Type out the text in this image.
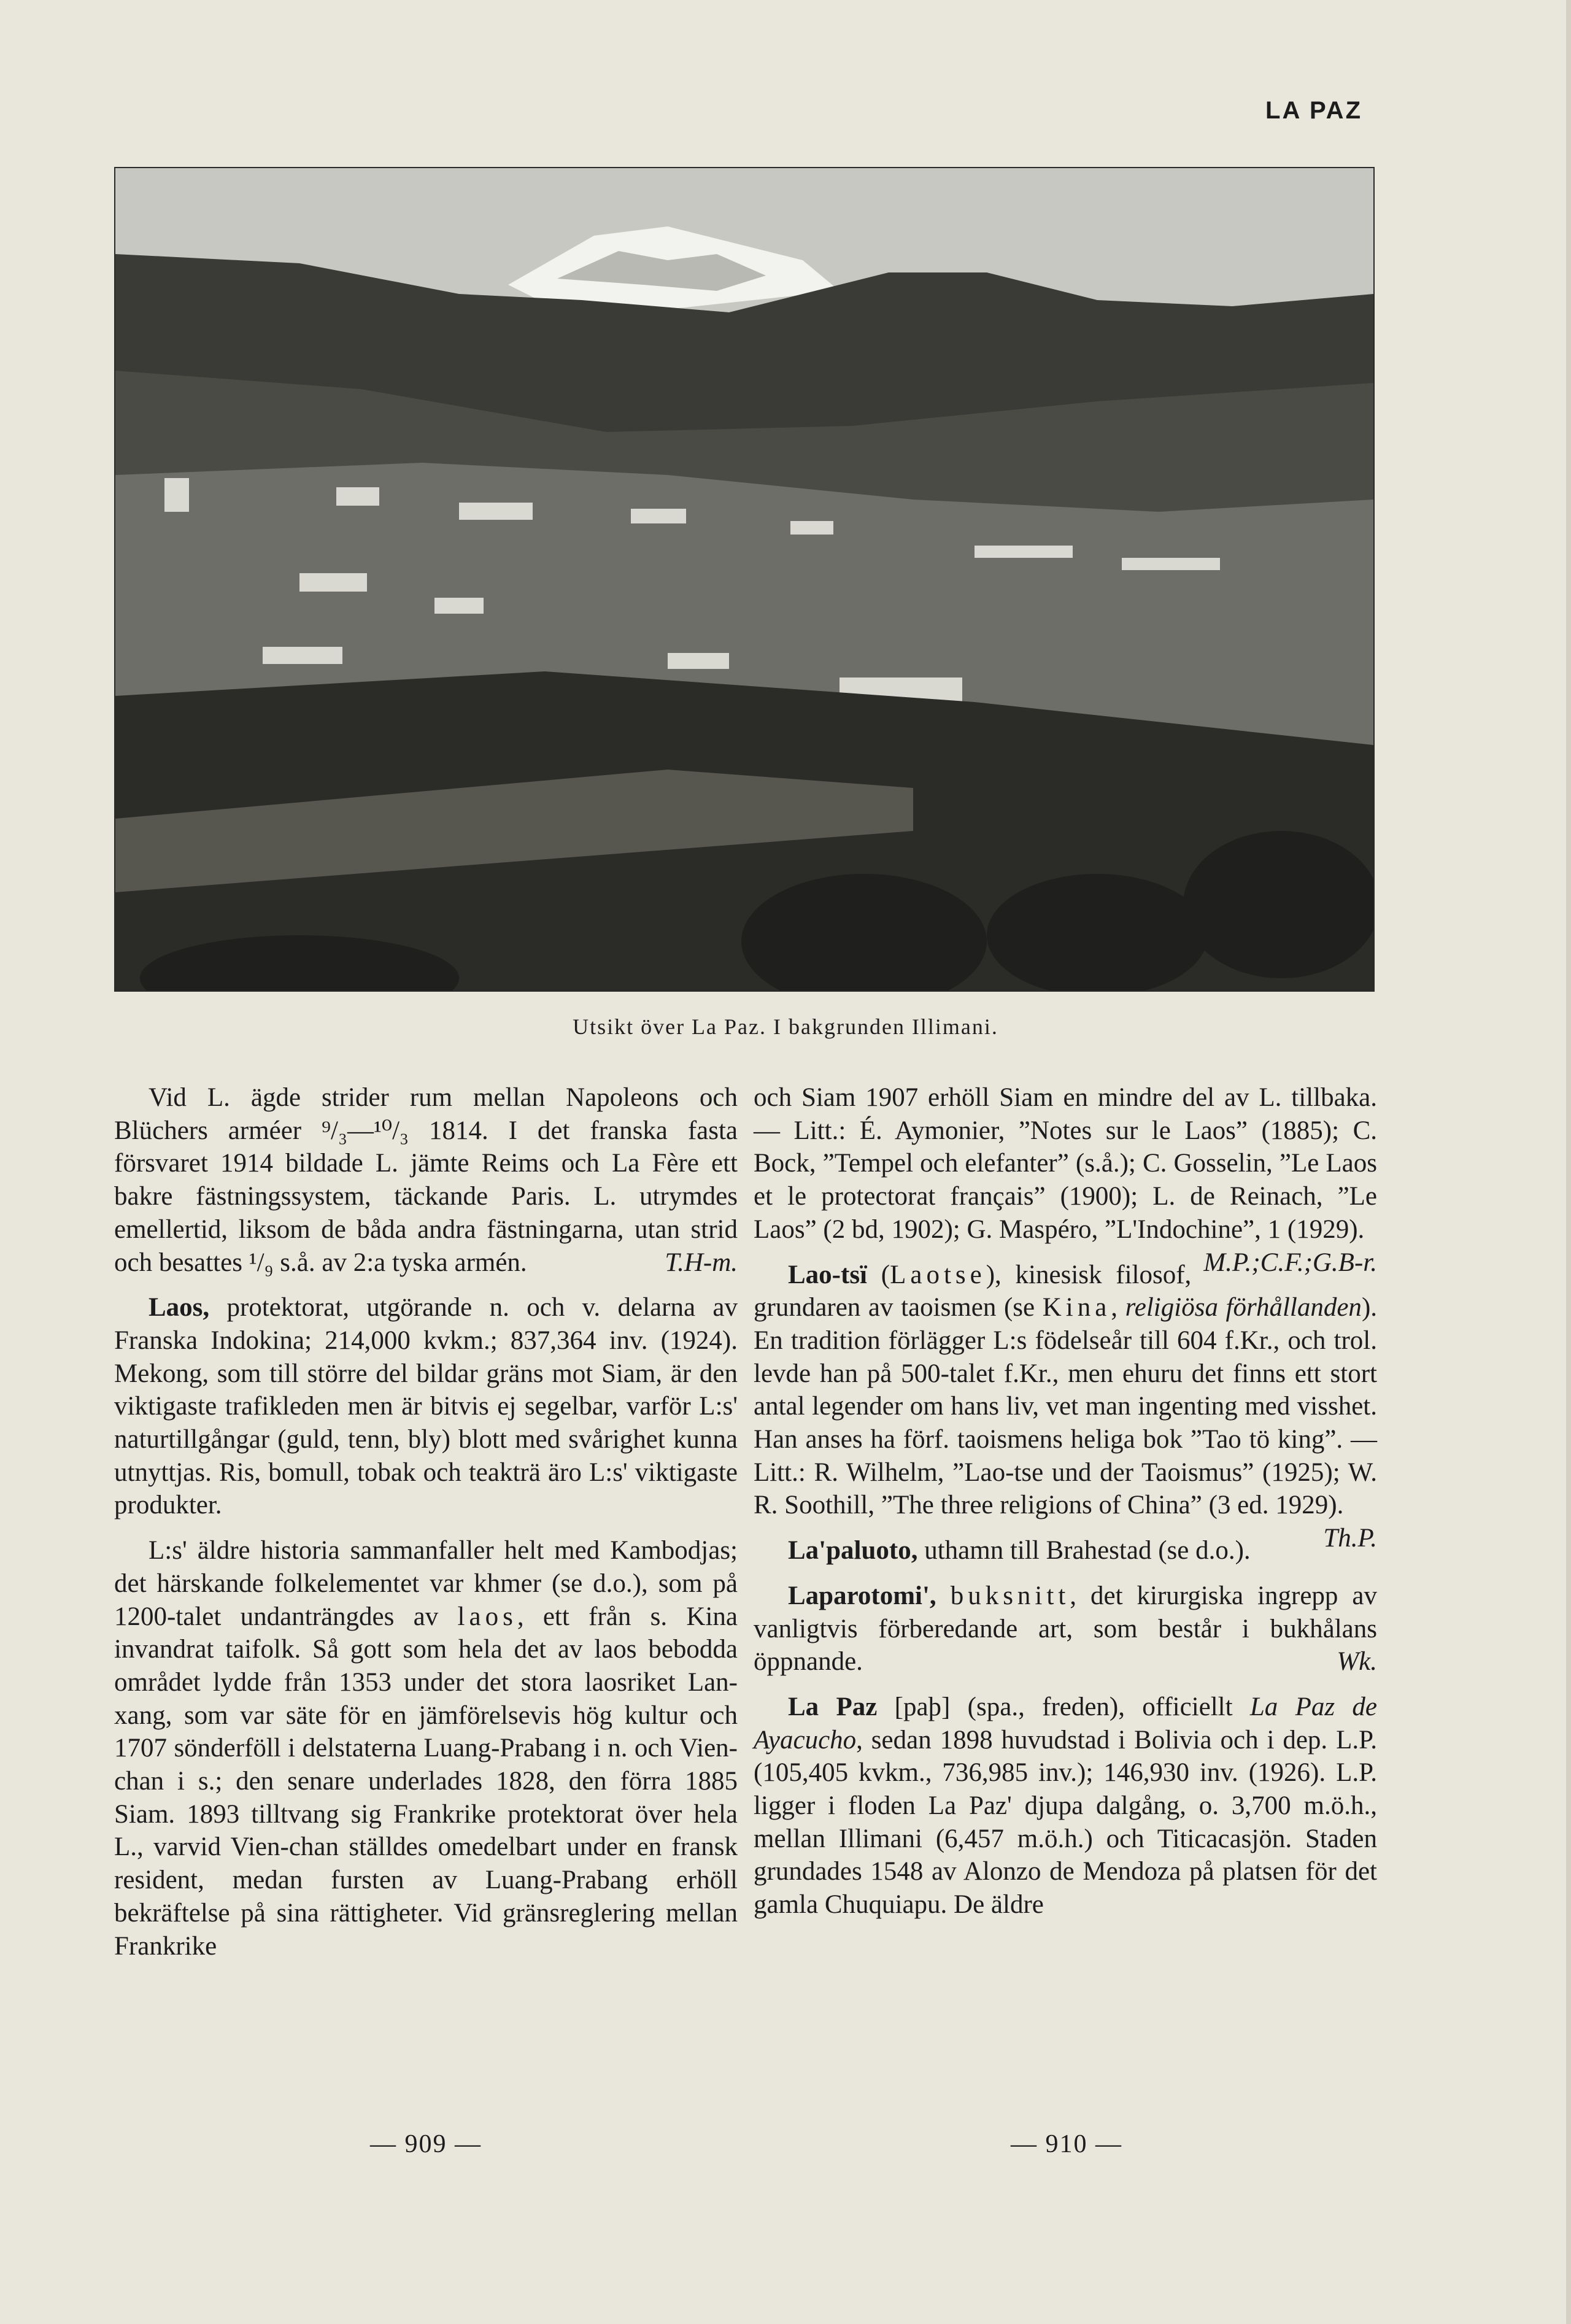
LA PAZ
Utsikt över La Paz. I bakgrunden Illimani.

Vid L. ägde strider rum mellan Napoleons och Blüchers arméer ⁹/₃—¹⁰/₃ 1814. I det franska fasta försvaret 1914 bildade L. jämte Reims och La Fère ett bakre fästningssystem, täckande Paris. L. utrymdes emellertid, liksom de båda andra fästningarna, utan strid och besattes ¹/₉ s.å. av 2:a tyska armén.	T.H-m.

Laos, protektorat, utgörande n. och v. delarna av Franska Indokina; 214,000 kvkm.; 837,364 inv. (1924). Mekong, som till större del bildar gräns mot Siam, är den viktigaste trafikleden men är bitvis ej segelbar, varför L:s' naturtillgångar (guld, tenn, bly) blott med svårighet kunna utnyttjas. Ris, bomull, tobak och teakträ äro L:s' viktigaste produkter.

L:s' äldre historia sammanfaller helt med Kambodjas; det härskande folkelementet var khmer (se d.o.), som på 1200-talet undanträngdes av laos, ett från s. Kina invandrat taifolk. Så gott som hela det av laos bebodda området lydde från 1353 under det stora laosriket Lan-xang, som var säte för en jämförelsevis hög kultur och 1707 sönderföll i delstaterna Luang-Prabang i n. och Vien-chan i s.; den senare underlades 1828, den förra 1885 Siam. 1893 tilltvang sig Frankrike protektorat över hela L., varvid Vien-chan ställdes omedelbart under en fransk resident, medan fursten av Luang-Prabang erhöll bekräftelse på sina rättigheter. Vid gränsreglering mellan Frankrike

och Siam 1907 erhöll Siam en mindre del av L. tillbaka. — Litt.: É. Aymonier, ”Notes sur le Laos” (1885); C. Bock, ”Tempel och elefanter” (s.å.); C. Gosselin, ”Le Laos et le protectorat français” (1900); L. de Reinach, ”Le Laos” (2 bd, 1902); G. Maspéro, ”L'Indochine”, 1 (1929).
M.P.;C.F.;G.B-r.

Lao-tsï (Laotse), kinesisk filosof, grundaren av taoismen (se Kina, religiösa förhållanden). En tradition förlägger L:s födelseår till 604 f.Kr., och trol. levde han på 500-talet f.Kr., men ehuru det finns ett stort antal legender om hans liv, vet man ingenting med visshet. Han anses ha förf. taoismens heliga bok ”Tao tö king”. — Litt.: R. Wilhelm, ”Lao-tse und der Taoismus” (1925); W. R. Soothill, ”The three religions of China” (3 ed. 1929).
Th.P.

La'paluoto, uthamn till Brahestad (se d.o.).

Laparotomi', buksnitt, det kirurgiska ingrepp av vanligtvis förberedande art, som består i bukhålans öppnande.	Wk.

La Paz [paþ] (spa., freden), officiellt La Paz de Ayacucho, sedan 1898 huvudstad i Bolivia och i dep. L.P. (105,405 kvkm., 736,985 inv.); 146,930 inv. (1926). L.P. ligger i floden La Paz' djupa dalgång, o. 3,700 m.ö.h., mellan Illimani (6,457 m.ö.h.) och Titicacasjön. Staden grundades 1548 av Alonzo de Mendoza på platsen för det gamla Chuquiapu. De äldre

— 909 —	— 910 —
